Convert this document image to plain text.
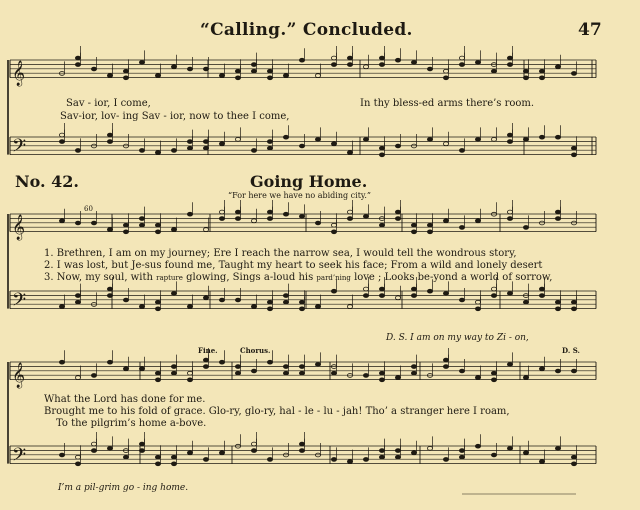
𝄞
𝄢
𝄞
𝄢
𝄞
𝄢
“Calling.” Concluded.	47
Sav - ior, I come,	In thy bless-ed arms there’s room.
Sav-ior, lov- ing Sav - ior, now to thee I come,
No. 42.	Going Home.
“For here we have no abiding city.”
60
1. Brethren, I am on my journey; Ere I reach the narrow sea, I would tell the wondrous story,
2. I was lost, but Je-sus found me, Taught my heart to seek his face; From a wild and lonely desert
3. Now, my soul, with rapture glowing, Sings a-loud his pard’ning love ; Looks be-yond a world of sorrow,
D. S. I am on my way to Zi - on,
Fine.	Chorus.	D. S.
What the Lord has done for me.
Brought me to his fold of grace. Glo-ry, glo-ry, hal - le - lu - jah! Tho’ a stranger here I roam,
To the pilgrim’s home a-bove.
I’m a pil-grim go - ing home.
